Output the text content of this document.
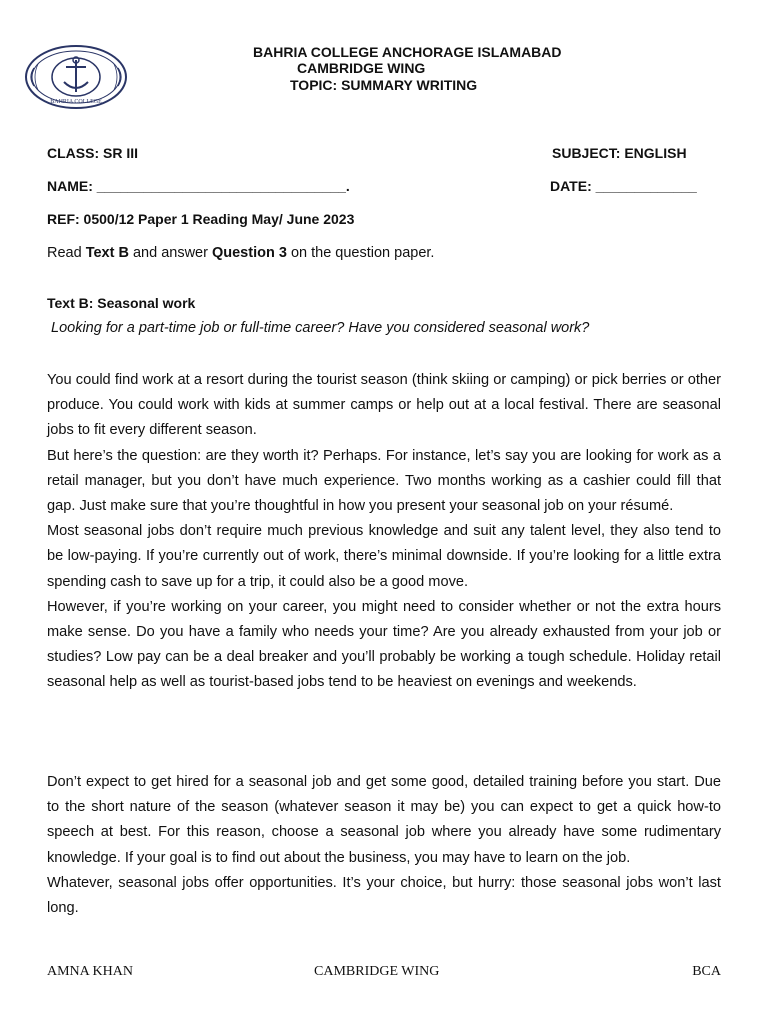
BAHRIA COLLEGE
BAHRIA COLLEGE ANCHORAGE ISLAMABAD
CAMBRIDGE WING
TOPIC: SUMMARY WRITING
CLASS: SR III	SUBJECT: ENGLISH
NAME: ________________________________.	DATE: _____________
REF: 0500/12 Paper 1 Reading May/ June 2023
Read Text B and answer Question 3 on the question paper.
Text B: Seasonal work
Looking for a part-time job or full-time career? Have you considered seasonal work?

You could find work at a resort during the tourist season (think skiing or camping) or pick berries or other produce. You could work with kids at summer camps or help out at a local festival. There are seasonal jobs to fit every different season.

But here’s the question: are they worth it? Perhaps. For instance, let’s say you are looking for work as a retail manager, but you don’t have much experience. Two months working as a cashier could fill that gap. Just make sure that you’re thoughtful in how you present your seasonal job on your résumé.

Most seasonal jobs don’t require much previous knowledge and suit any talent level, they also tend to be low-paying. If you’re currently out of work, there’s minimal downside. If you’re looking for a little extra spending cash to save up for a trip, it could also be a good move.

However, if you’re working on your career, you might need to consider whether or not the extra hours make sense. Do you have a family who needs your time? Are you already exhausted from your job or studies? Low pay can be a deal breaker and you’ll probably be working a tough schedule. Holiday retail seasonal help as well as tourist-based jobs tend to be heaviest on evenings and weekends.

Don’t expect to get hired for a seasonal job and get some good, detailed training before you start. Due to the short nature of the season (whatever season it may be) you can expect to get a quick how-to speech at best. For this reason, choose a seasonal job where you already have some rudimentary knowledge. If your goal is to find out about the business, you may have to learn on the job.

Whatever, seasonal jobs offer opportunities. It’s your choice, but hurry: those seasonal jobs won’t last long.

AMNA KHAN	CAMBRIDGE WING	BCA
